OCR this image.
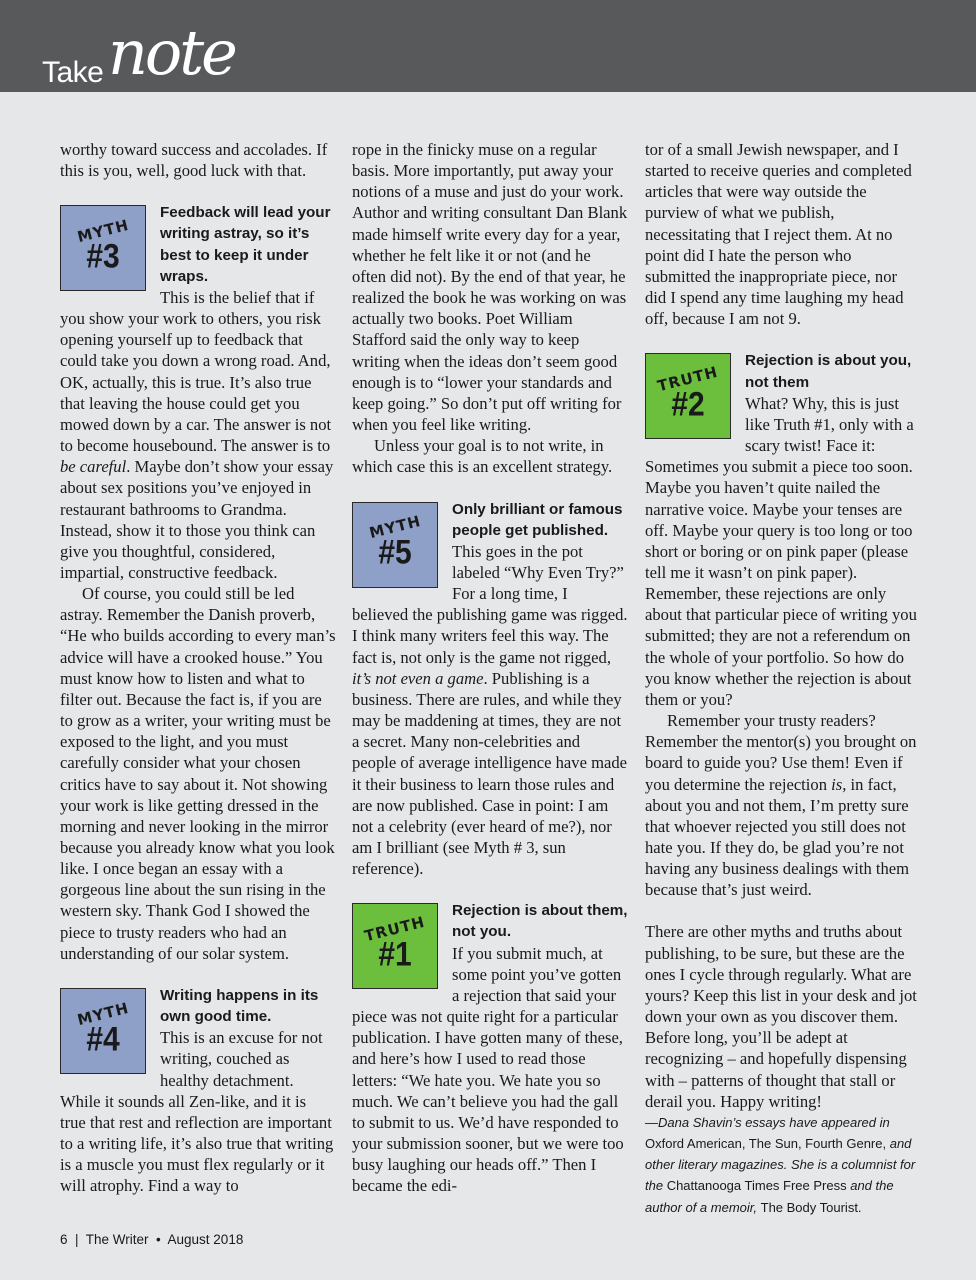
Take note

worthy toward success and accolades. If this is you, well, good luck with that.

MYTH
#3

Feedback will lead your writing astray, so it’s best to keep it under wraps.

This is the belief that if you show your work to others, you risk opening yourself up to feedback that could take you down a wrong road. And, OK, actually, this is true. It’s also true that leaving the house could get you mowed down by a car. The answer is not to become housebound. The answer is to be careful. Maybe don’t show your essay about sex positions you’ve enjoyed in restaurant bathrooms to Grandma. Instead, show it to those you think can give you thoughtful, considered, impartial, constructive feedback.

Of course, you could still be led astray. Remember the Danish proverb, “He who builds according to every man’s advice will have a crooked house.” You must know how to listen and what to filter out. Because the fact is, if you are to grow as a writer, your writing must be exposed to the light, and you must carefully consider what your chosen critics have to say about it. Not showing your work is like getting dressed in the morning and never looking in the mirror because you already know what you look like. I once began an essay with a gorgeous line about the sun rising in the western sky. Thank God I showed the piece to trusty readers who had an understanding of our solar system.

MYTH
#4

Writing happens in its own good time.

This is an excuse for not writing, couched as healthy detachment. While it sounds all Zen-like, and it is true that rest and reflection are important to a writing life, it’s also true that writing is a muscle you must flex regularly or it will atrophy. Find a way to

rope in the finicky muse on a regular basis. More importantly, put away your notions of a muse and just do your work. Author and writing consultant Dan Blank made himself write every day for a year, whether he felt like it or not (and he often did not). By the end of that year, he realized the book he was working on was actually two books. Poet William Stafford said the only way to keep writing when the ideas don’t seem good enough is to “lower your standards and keep going.” So don’t put off writing for when you feel like writing.

Unless your goal is to not write, in which case this is an excellent strategy.

MYTH
#5

Only brilliant or famous people get published.

This goes in the pot labeled “Why Even Try?” For a long time, I believed the publishing game was rigged. I think many writers feel this way. The fact is, not only is the game not rigged, it’s not even a game. Publishing is a business. There are rules, and while they may be maddening at times, they are not a secret. Many non-celebrities and people of average intelligence have made it their business to learn those rules and are now published. Case in point: I am not a celebrity (ever heard of me?), nor am I brilliant (see Myth # 3, sun reference).

TRUTH
#1

Rejection is about them, not you.

If you submit much, at some point you’ve gotten a rejection that said your piece was not quite right for a particular publication. I have gotten many of these, and here’s how I used to read those letters: “We hate you. We hate you so much. We can’t believe you had the gall to submit to us. We’d have responded to your submission sooner, but we were too busy laughing our heads off.” Then I became the edi-

tor of a small Jewish newspaper, and I started to receive queries and completed articles that were way outside the purview of what we publish, necessitating that I reject them. At no point did I hate the person who submitted the inappropriate piece, nor did I spend any time laughing my head off, because I am not 9.

TRUTH
#2

Rejection is about you, not them

What? Why, this is just like Truth #1, only with a scary twist! Face it: Sometimes you submit a piece too soon. Maybe you haven’t quite nailed the narrative voice. Maybe your tenses are off. Maybe your query is too long or too short or boring or on pink paper (please tell me it wasn’t on pink paper). Remember, these rejections are only about that particular piece of writing you submitted; they are not a referendum on the whole of your portfolio. So how do you know whether the rejection is about them or you?

Remember your trusty readers? Remember the mentor(s) you brought on board to guide you? Use them! Even if you determine the rejection is, in fact, about you and not them, I’m pretty sure that whoever rejected you still does not hate you. If they do, be glad you’re not having any business dealings with them because that’s just weird.

There are other myths and truths about publishing, to be sure, but these are the ones I cycle through regularly. What are yours? Keep this list in your desk and jot down your own as you discover them. Before long, you’ll be adept at recognizing – and hopefully dispensing with – patterns of thought that stall or derail you. Happy writing!

—Dana Shavin’s essays have appeared in Oxford American, The Sun, Fourth Genre, and other literary magazines. She is a columnist for the Chattanooga Times Free Press and the author of a memoir, The Body Tourist.

6  |  The Writer  •  August 2018
